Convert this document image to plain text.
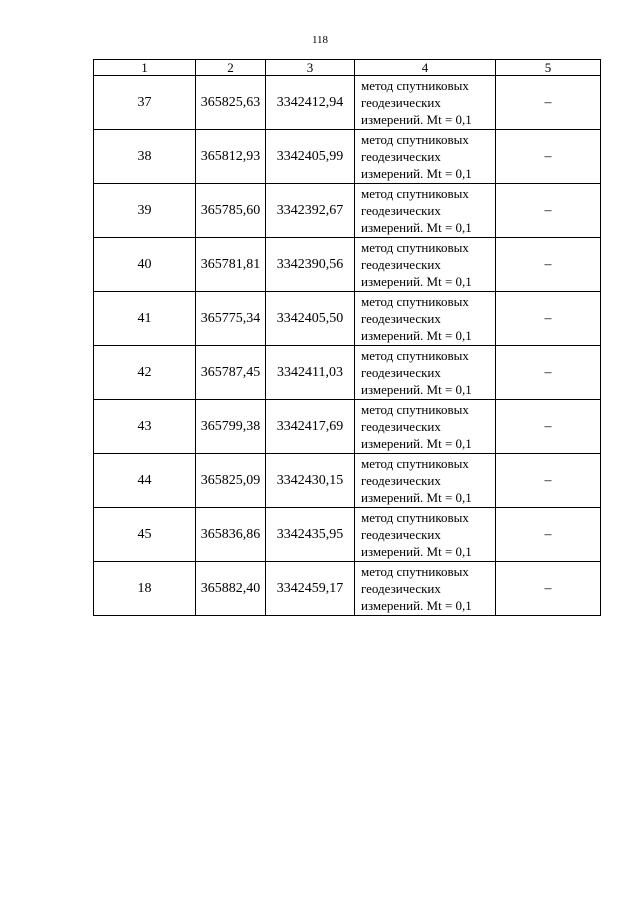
118
1	2	3	4	5
37	365825,63	3342412,94	метод спутниковых
геодезических
измерений. Mt = 0,1	–
38	365812,93	3342405,99	метод спутниковых
геодезических
измерений. Mt = 0,1	–
39	365785,60	3342392,67	метод спутниковых
геодезических
измерений. Mt = 0,1	–
40	365781,81	3342390,56	метод спутниковых
геодезических
измерений. Mt = 0,1	–
41	365775,34	3342405,50	метод спутниковых
геодезических
измерений. Mt = 0,1	–
42	365787,45	3342411,03	метод спутниковых
геодезических
измерений. Mt = 0,1	–
43	365799,38	3342417,69	метод спутниковых
геодезических
измерений. Mt = 0,1	–
44	365825,09	3342430,15	метод спутниковых
геодезических
измерений. Mt = 0,1	–
45	365836,86	3342435,95	метод спутниковых
геодезических
измерений. Mt = 0,1	–
18	365882,40	3342459,17	метод спутниковых
геодезических
измерений. Mt = 0,1	–
